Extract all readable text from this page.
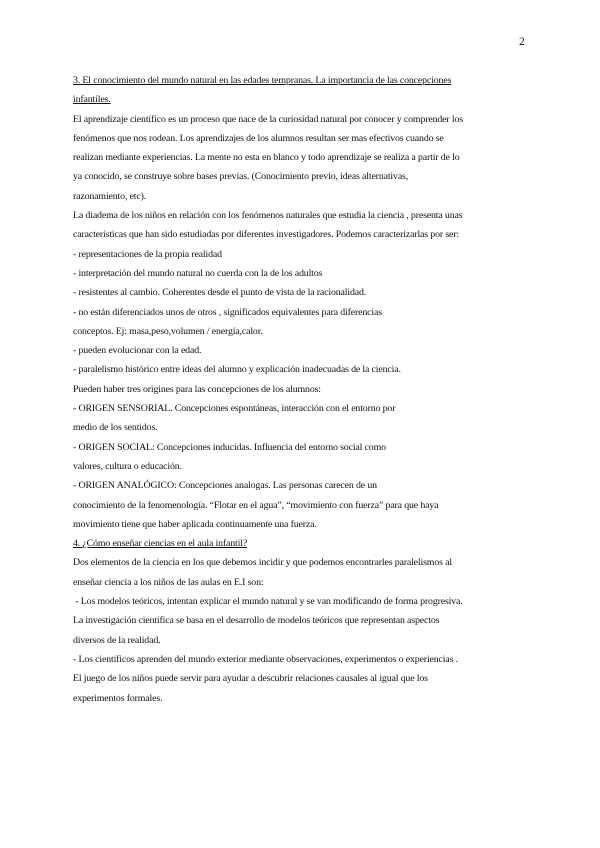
2
3. El conocimiento del mundo natural en las edades tempranas. La importancia de las concepciones
infantiles.
El aprendizaje científico es un proceso que nace de la curiosidad natural por conocer y comprender los
fenómenos que nos rodean. Los aprendizajes de los alumnos resultan ser mas efectivos cuando se
realizan mediante experiencias. La mente no esta en blanco y todo aprendizaje se realiza a partir de lo
ya conocido, se construye sobre bases previas. (Conocimiento previo, ideas alternativas,
razonamiento, etc).
La diadema de los niños en relación con los fenómenos naturales que estudia la ciencia , presenta unas
características que han sido estudiadas por diferentes investigadores. Podemos caracterizarlas por ser:
- representaciones de la propia realidad
- interpretación del mundo natural no cuerda con la de los adultos
- resistentes al cambio. Coherentes desde el punto de vista de la racionalidad.
- no están diferenciados unos de otros , significados equivalentes para diferencias
conceptos. Ej: masa,peso,volumen / energía,calor.
- pueden evolucionar con la edad.
- paralelismo histórico entre ideas del alumno y explicación inadecuadas de la ciencia.
Pueden haber tres origines para las concepciones de los alumnos:
- ORIGEN SENSORIAL. Concepciones espontáneas, interacción con el entorno por
medio de los sentidos.
- ORIGEN SOCIAL: Concepciones inducidas. Influencia del entorno social como
valores, cultura o educación.
- ORIGEN ANALÓGICO: Concepciones analogas. Las personas carecen de un
conocimiento de la fenomenología. “Flotar en el agua”, “movimiento con fuerza” para que haya
movimiento tiene que haber aplicada continuamente una fuerza.
4. ¿Cómo enseñar ciencias en el aula infantil?
Dos elementos de la ciencia en los que debemos incidir y que podemos encontrarles paralelismos al
enseñar ciencia a los niños de las aulas en E.I son:
- Los modelos teóricos, intentan explicar el mundo natural y se van modificando de forma progresiva.
La investigación científica se basa en el desarrollo de modelos teóricos que representan aspectos
diversos de la realidad.
- Los científicos aprenden del mundo exterior mediante observaciones, experimentos o experiencias .
El juego de los niños puede servir para ayudar a descubrir relaciones causales al igual que los
experimentos formales.
